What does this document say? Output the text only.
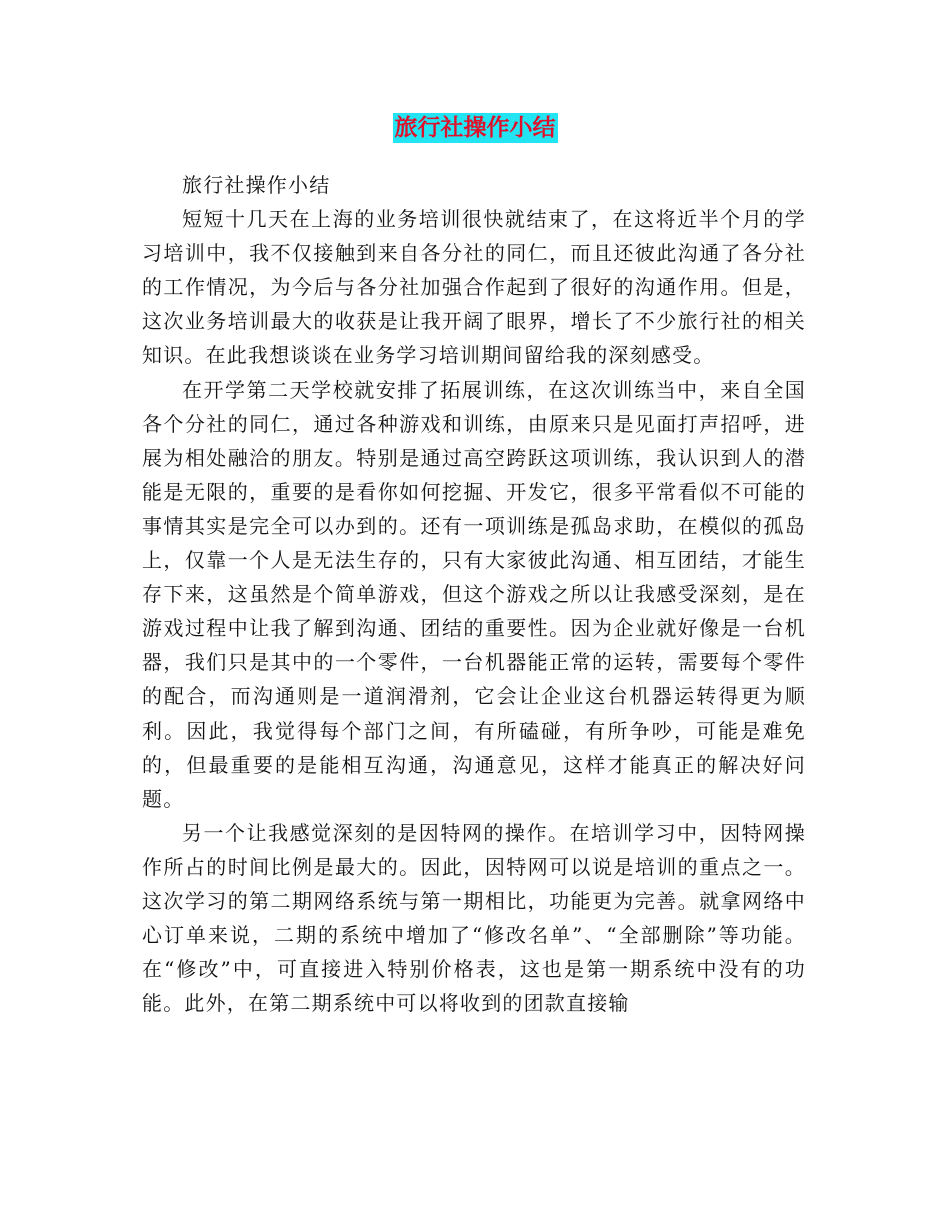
旅行社操作小结

旅行社操作小结

短短十几天在上海的业务培训很快就结束了，在这将近半个月的学习培训中，我不仅接触到来自各分社的同仁，而且还彼此沟通了各分社的工作情况，为今后与各分社加强合作起到了很好的沟通作用。但是，这次业务培训最大的收获是让我开阔了眼界，增长了不少旅行社的相关知识。在此我想谈谈在业务学习培训期间留给我的深刻感受。

在开学第二天学校就安排了拓展训练，在这次训练当中，来自全国各个分社的同仁，通过各种游戏和训练，由原来只是见面打声招呼，进展为相处融洽的朋友。特别是通过高空跨跃这项训练，我认识到人的潜能是无限的，重要的是看你如何挖掘、开发它，很多平常看似不可能的事情其实是完全可以办到的。还有一项训练是孤岛求助，在模似的孤岛上，仅靠一个人是无法生存的，只有大家彼此沟通、相互团结，才能生存下来，这虽然是个简单游戏，但这个游戏之所以让我感受深刻，是在游戏过程中让我了解到沟通、团结的重要性。因为企业就好像是一台机器，我们只是其中的一个零件，一台机器能正常的运转，需要每个零件的配合，而沟通则是一道润滑剂，它会让企业这台机器运转得更为顺利。因此，我觉得每个部门之间，有所磕碰，有所争吵，可能是难免的，但最重要的是能相互沟通，沟通意见，这样才能真正的解决好问题。

另一个让我感觉深刻的是因特网的操作。在培训学习中，因特网操作所占的时间比例是最大的。因此，因特网可以说是培训的重点之一。这次学习的第二期网络系统与第一期相比，功能更为完善。就拿网络中心订单来说，二期的系统中增加了“修改名单”、“全部删除”等功能。在“修改”中，可直接进入特别价格表，这也是第一期系统中没有的功能。此外，在第二期系统中可以将收到的团款直接输
